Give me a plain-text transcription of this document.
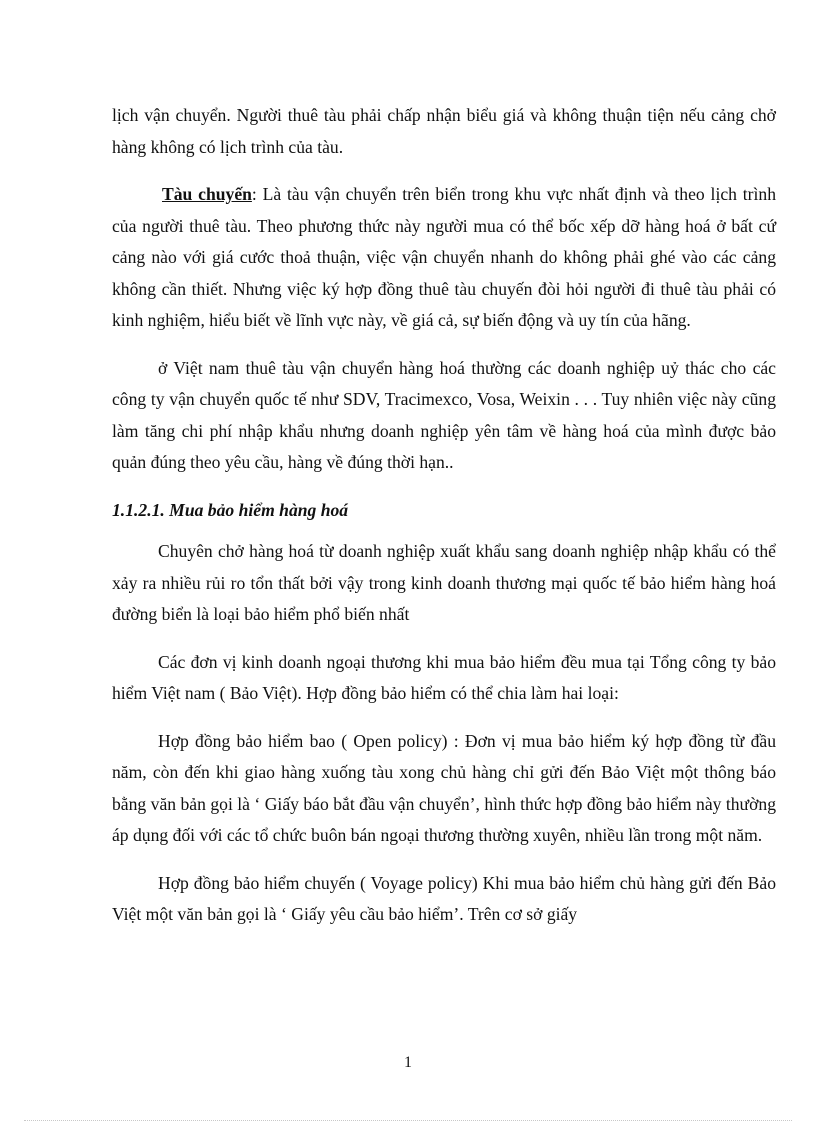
lịch vận chuyển. Người thuê tàu phải chấp nhận biểu giá và không thuận tiện nếu cảng chở hàng không có lịch trình của tàu.

Tàu chuyến: Là tàu vận chuyển trên biển trong khu vực nhất định và theo lịch trình của người thuê tàu. Theo phương thức này người mua có thể bốc xếp dỡ hàng hoá ở bất cứ cảng nào với giá cước thoả thuận, việc vận chuyển nhanh do không phải ghé vào các cảng không cần thiết. Nhưng việc ký hợp đồng thuê tàu chuyến đòi hỏi người đi thuê tàu phải có kinh nghiệm, hiểu biết về lĩnh vực này, về giá cả, sự biến động và uy tín của hãng.

ở Việt nam thuê tàu vận chuyển hàng hoá thường các doanh nghiệp uỷ thác cho các công ty vận chuyển quốc tế như SDV, Tracimexco, Vosa, Weixin . . . Tuy nhiên việc này cũng làm tăng chi phí nhập khẩu nhưng doanh nghiệp yên tâm về hàng hoá của mình được bảo quản đúng theo yêu cầu, hàng về đúng thời hạn..

1.1.2.1. Mua bảo hiểm hàng hoá

Chuyên chở hàng hoá từ doanh nghiệp xuất khẩu sang doanh nghiệp nhập khẩu có thể xảy ra nhiều rủi ro tổn thất bởi vậy trong kinh doanh thương mại quốc tế bảo hiểm hàng hoá đường biển là loại bảo hiểm phổ biến nhất

Các đơn vị kinh doanh ngoại thương khi mua bảo hiểm đều mua tại Tổng công ty bảo hiểm Việt nam ( Bảo Việt). Hợp đồng bảo hiểm có thể chia làm hai loại:

Hợp đồng bảo hiểm bao ( Open policy) : Đơn vị mua bảo hiểm ký hợp đồng từ đầu năm, còn đến khi giao hàng xuống tàu xong chủ hàng chỉ gửi đến Bảo Việt một thông báo bằng văn bản gọi là ‘ Giấy báo bắt đầu vận chuyển’, hình thức hợp đồng bảo hiểm này thường áp dụng đối với các tổ chức buôn bán ngoại thương thường xuyên, nhiều lần trong một năm.

Hợp đồng bảo hiểm chuyến ( Voyage policy) Khi mua bảo hiểm chủ hàng gửi đến Bảo Việt một văn bản gọi là ‘ Giấy yêu cầu bảo hiểm’. Trên cơ sở giấy

1
